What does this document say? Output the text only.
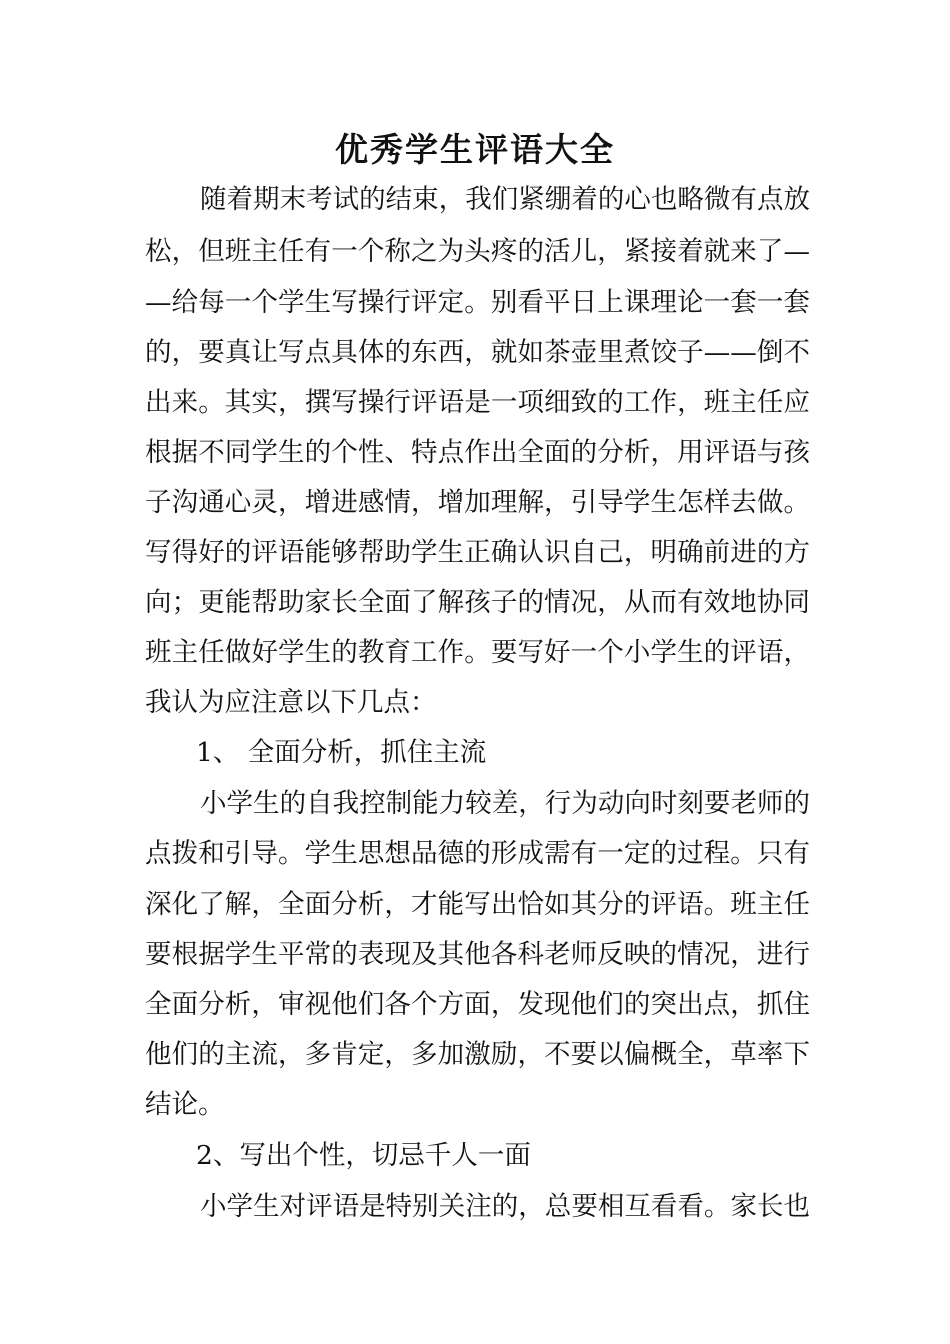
优秀学生评语大全
随着期末考试的结束，我们紧绷着的心也略微有点放
松，但班主任有一个称之为头疼的活儿，紧接着就来了—
—给每一个学生写操行评定。别看平日上课理论一套一套
的，要真让写点具体的东西，就如茶壶里煮饺子——倒不
出来。其实，撰写操行评语是一项细致的工作，班主任应
根据不同学生的个性、特点作出全面的分析，用评语与孩
子沟通心灵，增进感情，增加理解，引导学生怎样去做。
写得好的评语能够帮助学生正确认识自己，明确前进的方
向；更能帮助家长全面了解孩子的情况，从而有效地协同
班主任做好学生的教育工作。要写好一个小学生的评语，
我认为应注意以下几点：
1、 全面分析，抓住主流
小学生的自我控制能力较差，行为动向时刻要老师的
点拨和引导。学生思想品德的形成需有一定的过程。只有
深化了解，全面分析，才能写出恰如其分的评语。班主任
要根据学生平常的表现及其他各科老师反映的情况，进行
全面分析，审视他们各个方面，发现他们的突出点，抓住
他们的主流，多肯定，多加激励，不要以偏概全，草率下
结论。
2、写出个性，切忌千人一面
小学生对评语是特别关注的，总要相互看看。家长也
